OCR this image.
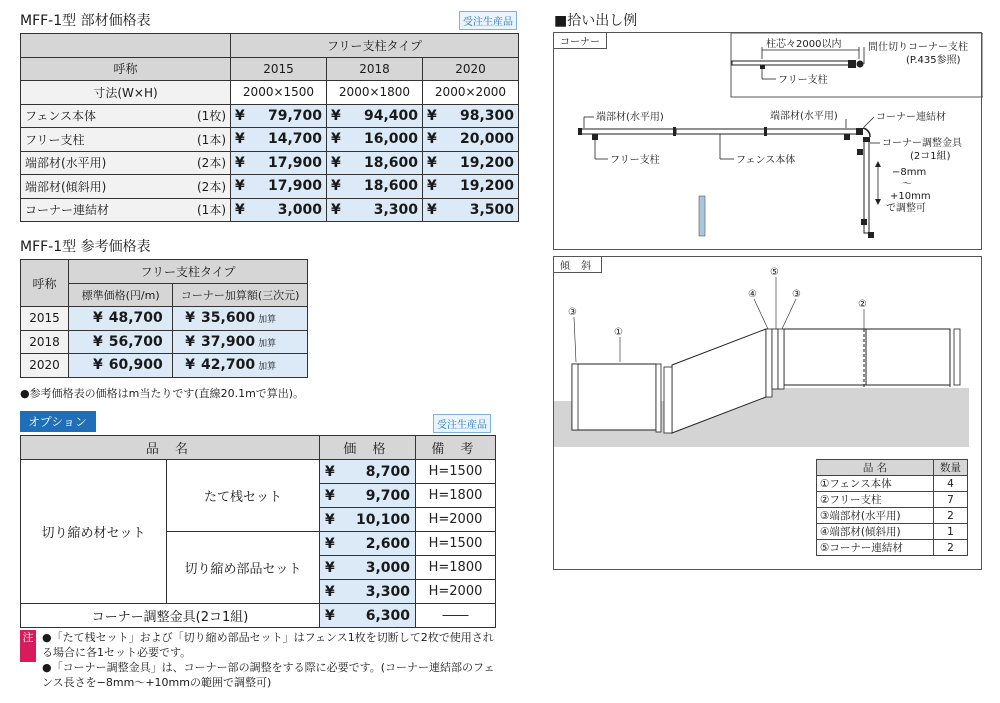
MFF-1型 部材価格表	受注生産品
		フリー支柱タイプ		
呼称		2015	2018	2020
寸法(W×H)		2000×1500	2000×1800	2000×2000
フェンス本体	(1枚)	¥ 79,700	¥ 94,400	¥ 98,300

フリー支柱	(1本)	¥ 14,700	¥ 16,000	¥ 20,000

端部材(水平用)	(2本)	¥ 17,900	¥ 18,600	¥ 19,200

端部材(傾斜用)	(2本)	¥ 17,900	¥ 18,600	¥ 19,200

コーナー連結材	(1本)	¥ 3,000	¥ 3,300	¥ 3,500
MFF-1型 参考価格表
呼称	フリー支柱タイプ	
	標準価格(円/m)	コーナー加算額(三次元)
2015	¥ 48,700	¥ 35,600 加算
2018	¥ 56,700	¥ 37,900 加算
2020	¥ 60,900	¥ 42,700 加算
●参考価格表の価格はm当たりです(直線20.1mで算出)。
オプション	受注生産品
品 名		価 格	備 考
切り縮め材セット	たて桟セット	¥ 8,700	H=1500

		¥ 9,700	H=1800

		¥ 10,100	H=2000
	切り縮め部品セット	¥ 2,600	H=1500

		¥ 3,000	H=1800

		¥ 3,300	H=2000
コーナー調整金具(2コ1組)		¥ 6,300	――
注 ●「たて桟セット」および「切り縮め部品セット」はフェンス1枚を切断して2枚で使用される場合に各1セット必要です。

●「コーナー調整金具」は、コーナー部の調整をする際に必要です。(コーナー連結部のフェンス長さを−8mm〜+10mmの範囲で調整可)

■拾い出し例
コーナー	柱芯々2000以内
フリー支柱
間仕切りコーナー支柱
(P.435参照)
端部材(水平用)
フリー支柱	フェンス本体
端部材(水平用)	コーナー連結材
コーナー調整金具
(2コ1組)
−8mm
〜
+10mm
で調整可
傾 斜
③
①
④
⑤
③
②
品 名	数量
①フェンス本体	4
②フリー支柱	7
③端部材(水平用)	2
④端部材(傾斜用)	1
⑤コーナー連結材	2
